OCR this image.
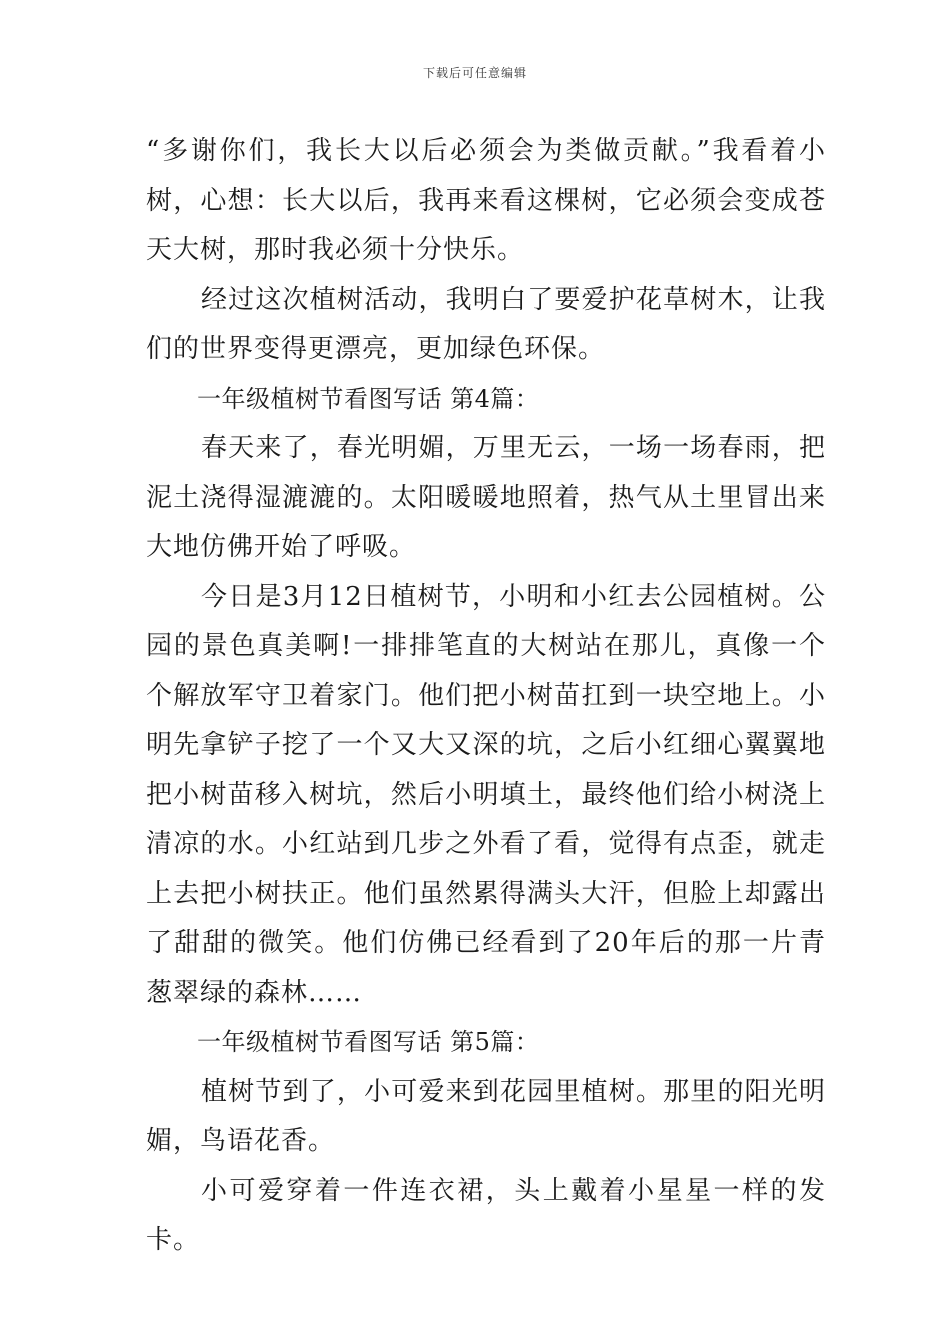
下载后可任意编辑

“多谢你们，我长大以后必须会为类做贡献。”我看着小树，心想：长大以后，我再来看这棵树，它必须会变成苍天大树，那时我必须十分快乐。

经过这次植树活动，我明白了要爱护花草树木，让我们的世界变得更漂亮，更加绿色环保。

一年级植树节看图写话 第4篇：

春天来了，春光明媚，万里无云，一场一场春雨，把泥土浇得湿漉漉的。太阳暖暖地照着，热气从土里冒出来大地仿佛开始了呼吸。

今日是3月12日植树节，小明和小红去公园植树。公园的景色真美啊!一排排笔直的大树站在那儿，真像一个个解放军守卫着家门。他们把小树苗扛到一块空地上。小明先拿铲子挖了一个又大又深的坑，之后小红细心翼翼地把小树苗移入树坑，然后小明填土，最终他们给小树浇上清凉的水。小红站到几步之外看了看，觉得有点歪，就走上去把小树扶正。他们虽然累得满头大汗，但脸上却露出了甜甜的微笑。他们仿佛已经看到了20年后的那一片青葱翠绿的森林……

一年级植树节看图写话 第5篇：

植树节到了，小可爱来到花园里植树。那里的阳光明媚，鸟语花香。

小可爱穿着一件连衣裙，头上戴着小星星一样的发卡。
